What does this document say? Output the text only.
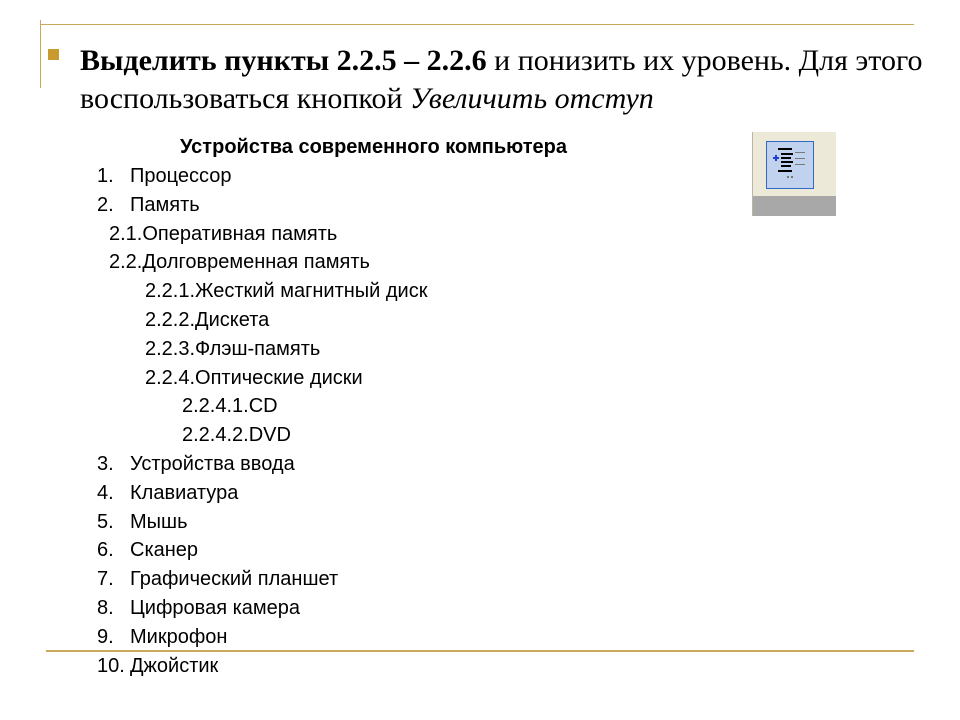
Выделить пункты 2.2.5 – 2.2.6 и понизить их уровень. Для этого воспользоваться кнопкой Увеличить отступ

Устройства современного компьютера

1. Процессор
2. Память
2.1.Оперативная память
2.2.Долговременная память
2.2.1.Жесткий магнитный диск
2.2.2.Дискета
2.2.3.Флэш-память
2.2.4.Оптические диски
2.2.4.1.CD
2.2.4.2.DVD
3. Устройства ввода
4. Клавиатура
5. Мышь
6. Сканер
7. Графический планшет
8. Цифровая камера
9. Микрофон
10. Джойстик
